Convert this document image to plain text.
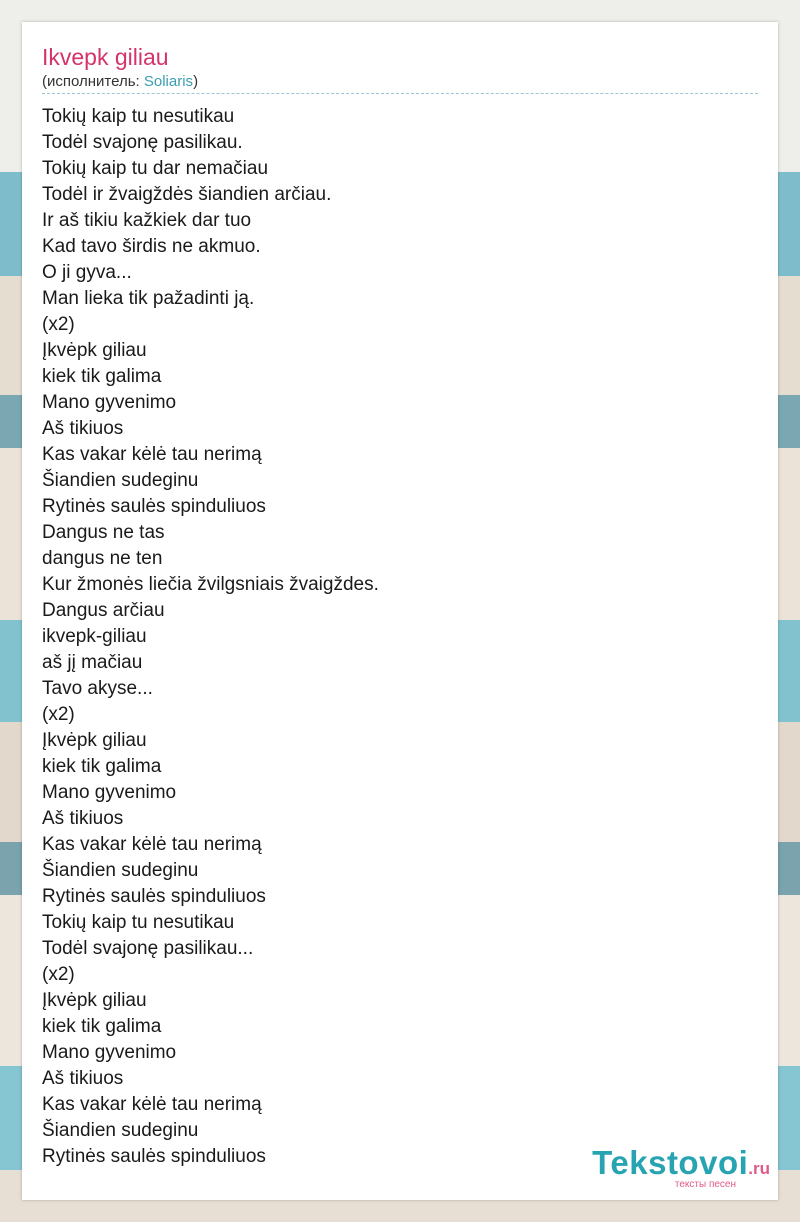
Ikvepk giliau
(исполнитель: Soliaris)
Tokių kaip tu nesutikau
Todėl svajonę pasilikau.
Tokių kaip tu dar nemačiau
Todėl ir žvaigždės šiandien arčiau.
Ir aš tikiu kažkiek dar tuo
Kad tavo širdis ne akmuo.
O ji gyva...
Man lieka tik pažadinti ją.
(x2)
Įkvėpk giliau
kiek tik galima
Mano gyvenimo
Aš tikiuos
Kas vakar kėlė tau nerimą
Šiandien sudeginu
Rytinės saulės spinduliuos
Dangus ne tas
dangus ne ten
Kur žmonės liečia žvilgsniais žvaigždes.
Dangus arčiau
ikvepk-giliau
aš jį mačiau
Tavo akyse...
(x2)
Įkvėpk giliau
kiek tik galima
Mano gyvenimo
Aš tikiuos
Kas vakar kėlė tau nerimą
Šiandien sudeginu
Rytinės saulės spinduliuos
Tokių kaip tu nesutikau
Todėl svajonę pasilikau...
(x2)
Įkvėpk giliau
kiek tik galima
Mano gyvenimo
Aš tikiuos
Kas vakar kėlė tau nerimą
Šiandien sudeginu
Rytinės saulės spinduliuos	Tekstovoi.ru
тексты песен
